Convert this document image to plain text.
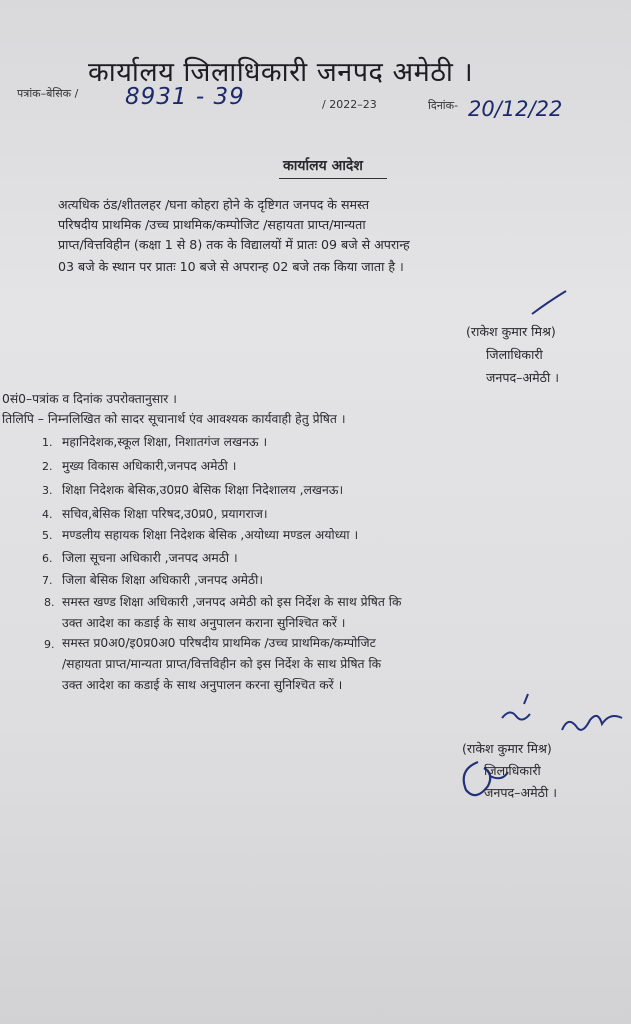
कार्यालय जिलाधिकारी जनपद अमेठी ।
पत्रांक–बेसिक / 8931 - 39	/ 2022–23	दिनांक- 20/12/22
कार्यालय आदेश
अत्यधिक ठंड/शीतलहर /घना कोहरा होने के दृष्टिगत जनपद के समस्त
परिषदीय प्राथमिक /उच्च प्राथमिक/कम्पोजिट /सहायता प्राप्त/मान्यता
प्राप्त/वित्तविहीन (कक्षा 1 से 8) तक के विद्यालयों में प्रातः 09 बजे से अपरान्ह
03 बजे के स्थान पर प्रातः 10 बजे से अपरान्ह 02 बजे तक किया जाता है ।
(राकेश कुमार मिश्र)
जिलाधिकारी
जनपद–अमेठी ।
0सं0–पत्रांक व दिनांक उपरोक्तानुसार ।
तिलिपि – निम्नलिखित को सादर सूचानार्थ एंव आवश्यक कार्यवाही हेतु प्रेषित ।
1. महानिदेशक,स्कूल शिक्षा, निशातगंज लखनऊ ।
2. मुख्य विकास अधिकारी,जनपद अमेठी ।
3. शिक्षा निदेशक बेसिक,उ0प्र0 बेसिक शिक्षा निदेशालय ,लखनऊ।
4. सचिव,बेसिक शिक्षा परिषद,उ0प्र0, प्रयागराज।
5. मण्डलीय सहायक शिक्षा निदेशक बेसिक ,अयोध्या मण्डल अयोध्या ।
6. जिला सूचना अधिकारी ,जनपद अमठी ।
7. जिला बेसिक शिक्षा अधिकारी ,जनपद अमेठी।
8. समस्त खण्ड शिक्षा अधिकारी ,जनपद अमेठी को इस निर्देश के साथ प्रेषित कि
उक्त आदेश का कडाई के साथ अनुपालन कराना सुनिश्चित करें ।
9. समस्त प्र0अ0/इ0प्र0अ0 परिषदीय प्राथमिक /उच्च प्राथमिक/कम्पोजिट
/सहायता प्राप्त/मान्यता प्राप्त/वित्तविहीन को इस निर्देश के साथ प्रेषित कि
उक्त आदेश का कडाई के साथ अनुपालन करना सुनिश्चित करें ।
(राकेश कुमार मिश्र)
जिलाधिकारी
जनपद–अमेठी ।
